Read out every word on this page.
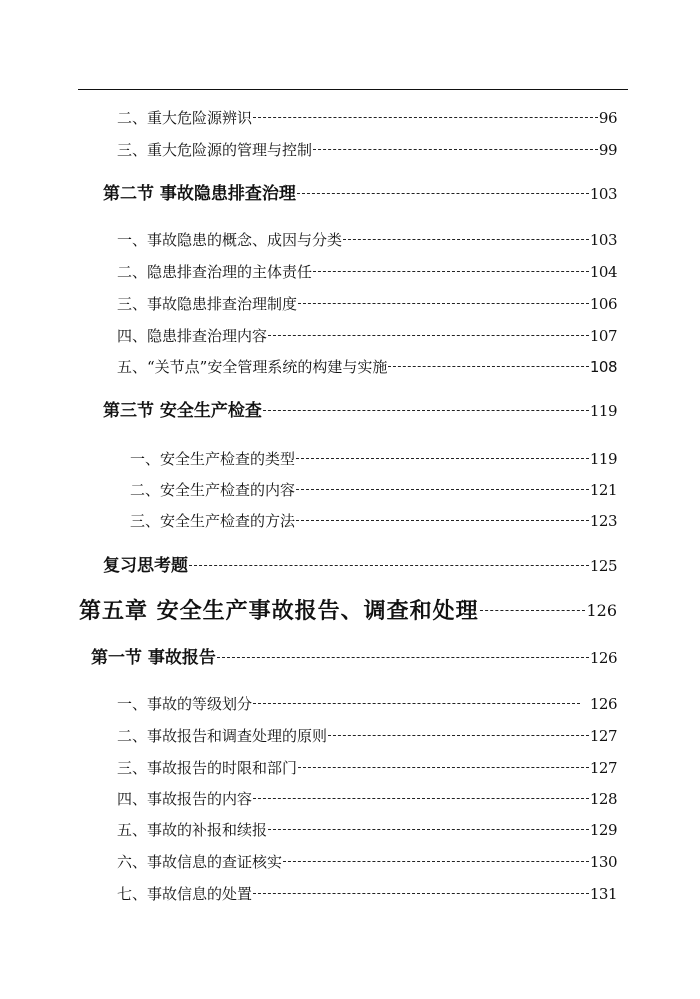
二、重大危险源辨识	96
三、重大危险源的管理与控制	99
第二节 事故隐患排查治理	103
一、事故隐患的概念、成因与分类	103
二、隐患排查治理的主体责任	104
三、事故隐患排查治理制度	106
四、隐患排查治理内容	107
五、“关节点”安全管理系统的构建与实施	108
第三节 安全生产检查	119
一、安全生产检查的类型	119
二、安全生产检查的内容	121
三、安全生产检查的方法	123
复习思考题	125
第五章 安全生产事故报告、调查和处理	126
第一节 事故报告	126
一、事故的等级划分	126
二、事故报告和调查处理的原则	127
三、事故报告的时限和部门	127
四、事故报告的内容	128
五、事故的补报和续报	129
六、事故信息的查证核实	130
七、事故信息的处置	131
